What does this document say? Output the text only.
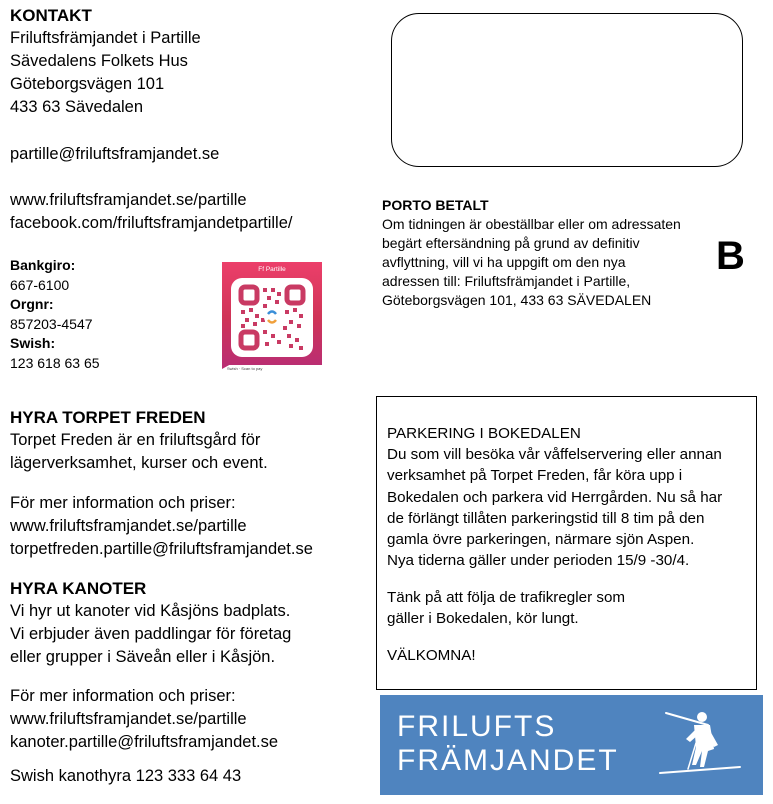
KONTAKT
Friluftsfrämjandet i Partille
Sävedalens Folkets Hus
Göteborgsvägen 101
433 63 Sävedalen
partille@friluftsframjandet.se
www.friluftsframjandet.se/partille
facebook.com/friluftsframjandetpartille/
Bankgiro:
667-6100
Orgnr:
857203-4547
Swish:
123 618 63 65
Ff Partille
Swish · Scan to pay
PORTO BETALT
Om tidningen är obeställbar eller om adressaten
begärt eftersändning på grund av definitiv
avflyttning, vill vi ha uppgift om den nya
adressen till: Friluftsfrämjandet i Partille,
Göteborgsvägen 101, 433 63 SÄVEDALEN
B
HYRA TORPET FREDEN
Torpet Freden är en friluftsgård för
lägerverksamhet, kurser och event.
För mer information och priser:
www.friluftsframjandet.se/partille
torpetfreden.partille@friluftsframjandet.se
HYRA KANOTER
Vi hyr ut kanoter vid Kåsjöns badplats.
Vi erbjuder även paddlingar för företag
eller grupper i Säveån eller i Kåsjön.
För mer information och priser:
www.friluftsframjandet.se/partille
kanoter.partille@friluftsframjandet.se
Swish kanothyra 123 333 64 43
PARKERING I BOKEDALEN
Du som vill besöka vår våffelservering eller annan
verksamhet på Torpet Freden, får köra upp i
Bokedalen och parkera vid Herrgården. Nu så har
de förlängt tillåten parkeringstid till 8 tim på den
gamla övre parkeringen, närmare sjön Aspen.
Nya tiderna gäller under perioden 15/9 -30/4.
Tänk på att följa de trafikregler som
gäller i Bokedalen, kör lungt.
VÄLKOMNA!
FRILUFTS
FRÄMJANDET
